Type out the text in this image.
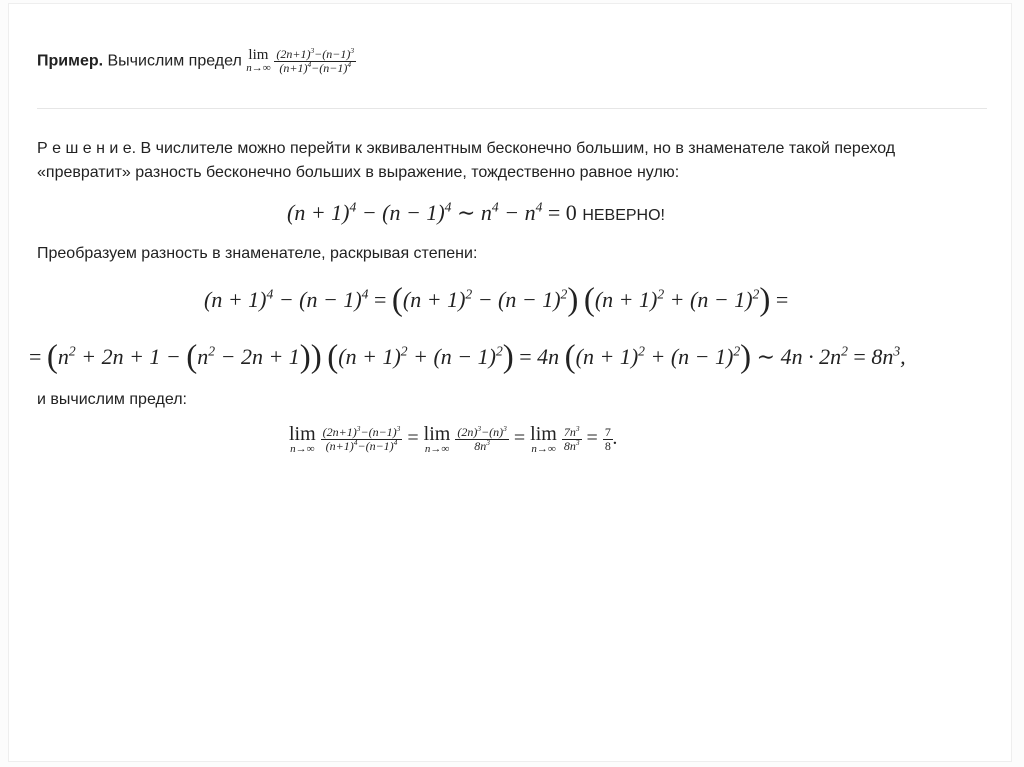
Пример. Вычислим предел lim
n→∞
$\frac{(2n+1)^3-(n-1)^3}{(n+1)^4-(n-1)^4}$
Р е ш е н и е. В числителе можно перейти к эквивалентным бесконечно большим, но в знаменателе такой переход
«превратит» разность бесконечно больших в выражение, тождественно равное нулю:
$(n + 1)^4 - (n - 1)^4$ ∼ $n^4 - n^4 = 0$ НЕВЕРНО!
Преобразуем разность в знаменателе, раскрывая степени:
$(n + 1)^4 - (n - 1)^4 = ((n + 1)^2 - (n - 1)^2)$ $((n + 1)^2 + (n - 1)^2)$ =
= $(n^2 + 2n + 1 - (n^2 - 2n + 1)) ((n + 1)^2 + (n - 1)^2) = 4n$ $((n + 1)^2 + (n - 1)^2)$ ∼ $4n \cdot 2n^2 = 8n^3$,
и вычислим предел:
lim
n→∞
$\frac{(2n+1)^3-(n-1)^3}{(n+1)^4-(n-1)^4} = \lim$
n→∞
$\frac{(2n)^3-(n)^3}{8n^3} = \lim$
n→∞
$\frac{7n^3}{8n^3} = \frac{7}{8}$ .
